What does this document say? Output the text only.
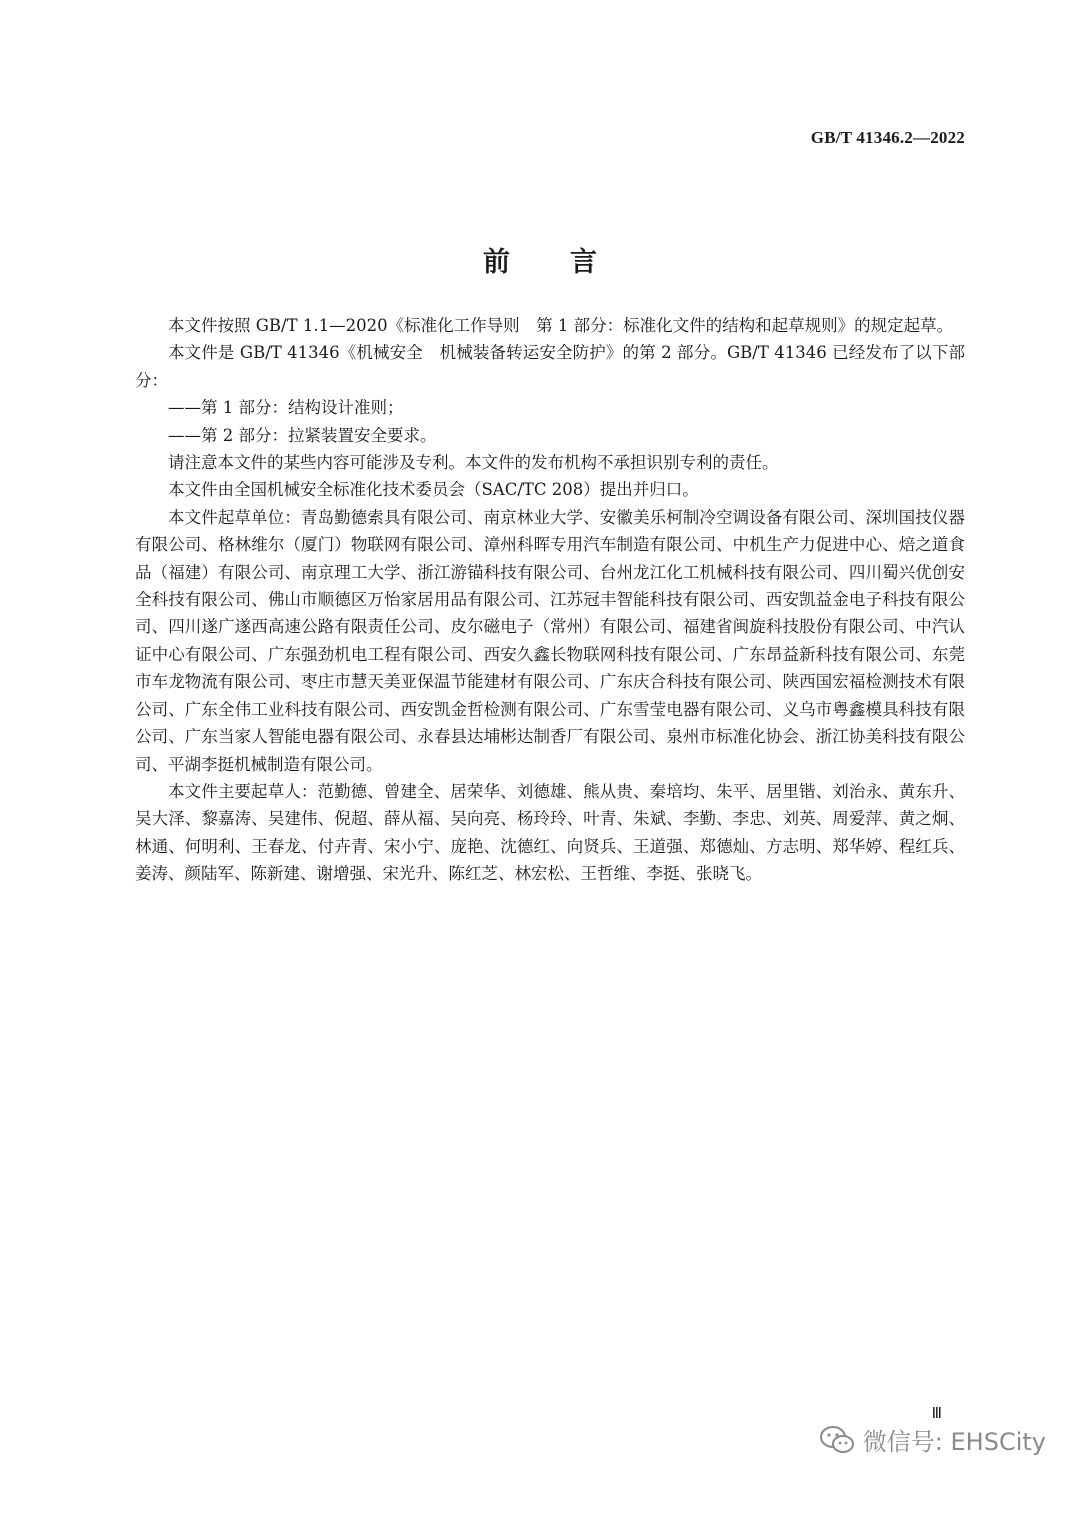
GB/T 41346.2—2022
前言

本文件按照 GB/T 1.1—2020《标准化工作导则　第 1 部分：标准化文件的结构和起草规则》的规定起草。

本文件是 GB/T 41346《机械安全　机械装备转运安全防护》的第 2 部分。GB/T 41346 已经发布了以下部分：

——第 1 部分：结构设计准则；

——第 2 部分：拉紧装置安全要求。

请注意本文件的某些内容可能涉及专利。本文件的发布机构不承担识别专利的责任。

本文件由全国机械安全标准化技术委员会（SAC/TC 208）提出并归口。

本文件起草单位：青岛勤德索具有限公司、南京林业大学、安徽美乐柯制冷空调设备有限公司、深圳国技仪器有限公司、格林维尔（厦门）物联网有限公司、漳州科晖专用汽车制造有限公司、中机生产力促进中心、焙之道食品（福建）有限公司、南京理工大学、浙江游锚科技有限公司、台州龙江化工机械科技有限公司、四川蜀兴优创安全科技有限公司、佛山市顺德区万怡家居用品有限公司、江苏冠丰智能科技有限公司、西安凯益金电子科技有限公司、四川遂广遂西高速公路有限责任公司、皮尔磁电子（常州）有限公司、福建省闽旋科技股份有限公司、中汽认证中心有限公司、广东强劲机电工程有限公司、西安久鑫长物联网科技有限公司、广东昂益新科技有限公司、东莞市车龙物流有限公司、枣庄市慧天美亚保温节能建材有限公司、广东庆合科技有限公司、陕西国宏福检测技术有限公司、广东全伟工业科技有限公司、西安凯金哲检测有限公司、广东雪莹电器有限公司、义乌市粤鑫模具科技有限公司、广东当家人智能电器有限公司、永春县达埔彬达制香厂有限公司、泉州市标准化协会、浙江协美科技有限公司、平湖李挺机械制造有限公司。

本文件主要起草人：范勤德、曾建全、居荣华、刘德雄、熊从贵、秦培均、朱平、居里锴、刘治永、黄东升、吴大泽、黎嘉涛、吴建伟、倪超、薛从福、吴向亮、杨玲玲、叶青、朱斌、李勤、李忠、刘英、周爱萍、黄之炯、林通、何明利、王春龙、付卉青、宋小宁、庞艳、沈德红、向贤兵、王道强、郑德灿、方志明、郑华婷、程红兵、姜涛、颜陆军、陈新建、谢增强、宋光升、陈红芝、林宏松、王哲维、李挺、张晓飞。

Ⅲ
微信号: EHSCity
